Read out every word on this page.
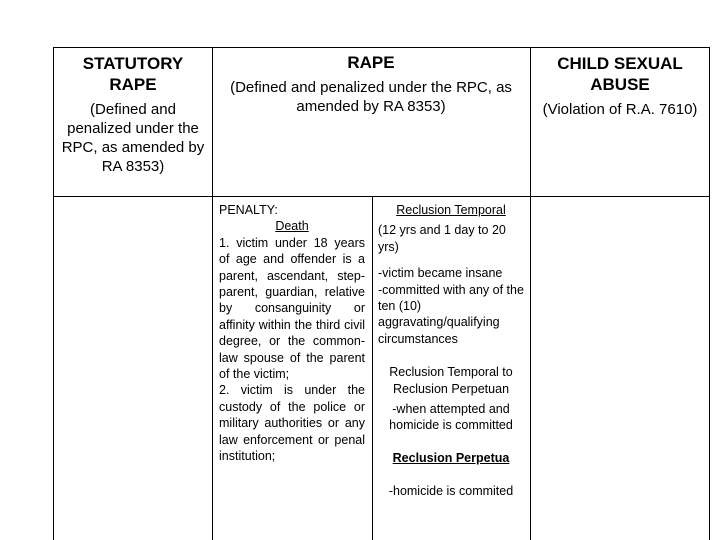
STATUTORY RAPE
(Defined and penalized under the RPC, as amended by RA 8353)
RAPE
(Defined and penalized under the RPC, as amended by RA 8353)
CHILD SEXUAL ABUSE
(Violation of R.A. 7610)

PENALTY:

Death

1. victim under 18 years of age and offender is a parent, ascendant, step-parent, guardian, relative by consanguinity or affinity within the third civil degree, or the common-law spouse of the parent of the victim;

2. victim is under the custody of the police or military authorities or any law enforcement or penal institution;

Reclusion Temporal

(12 yrs and 1 day to 20 yrs)

-victim became insane

-committed with any of the ten (10) aggravating/qualifying circumstances

Reclusion Temporal to Reclusion Perpetuan

-when attempted and homicide is committed

Reclusion Perpetua

-homicide is commited
